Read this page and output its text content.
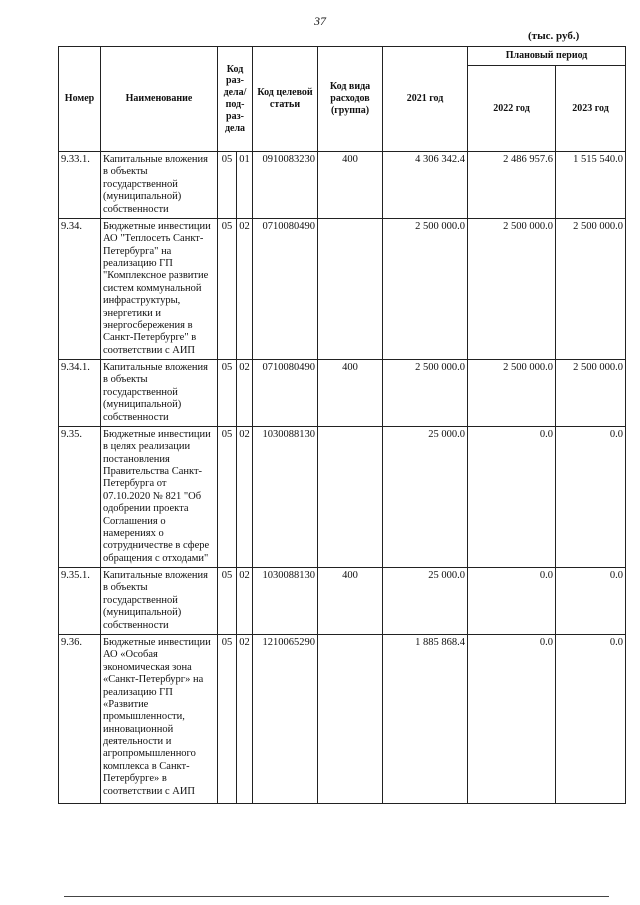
37
(тыс. руб.)
Номер	Наименование	Код раз-дела/ под-раз-дела		Код целевой статьи	Код вида расходов (группа)	2021 год	Плановый период	
							2022 год	2023 год
9.33.1.	Капитальные вложения в объекты государственной (муниципальной) собственности	05	01	0910083230	400	4 306 342.4	2 486 957.6	1 515 540.0
9.34.	Бюджетные инвестиции АО "Теплосеть Санкт-Петербурга" на реализацию ГП "Комплексное развитие систем коммунальной инфраструктуры, энергетики и энергосбережения в Санкт-Петербурге" в соответствии с АИП	05	02	0710080490		2 500 000.0	2 500 000.0	2 500 000.0
9.34.1.	Капитальные вложения в объекты государственной (муниципальной) собственности	05	02	0710080490	400	2 500 000.0	2 500 000.0	2 500 000.0
9.35.	Бюджетные инвестиции в целях реализации постановления Правительства Санкт-Петербурга от 07.10.2020 № 821 "Об одобрении проекта Соглашения о намерениях о сотрудничестве в сфере обращения с отходами"	05	02	1030088130		25 000.0	0.0	0.0
9.35.1.	Капитальные вложения в объекты государственной (муниципальной) собственности	05	02	1030088130	400	25 000.0	0.0	0.0
9.36.	Бюджетные инвестиции АО «Особая экономическая зона «Санкт-Петербург» на реализацию ГП «Развитие промышленности, инновационной деятельности и агропромышленного комплекса в Санкт-Петербурге» в соответствии с АИП	05	02	1210065290		1 885 868.4	0.0	0.0
